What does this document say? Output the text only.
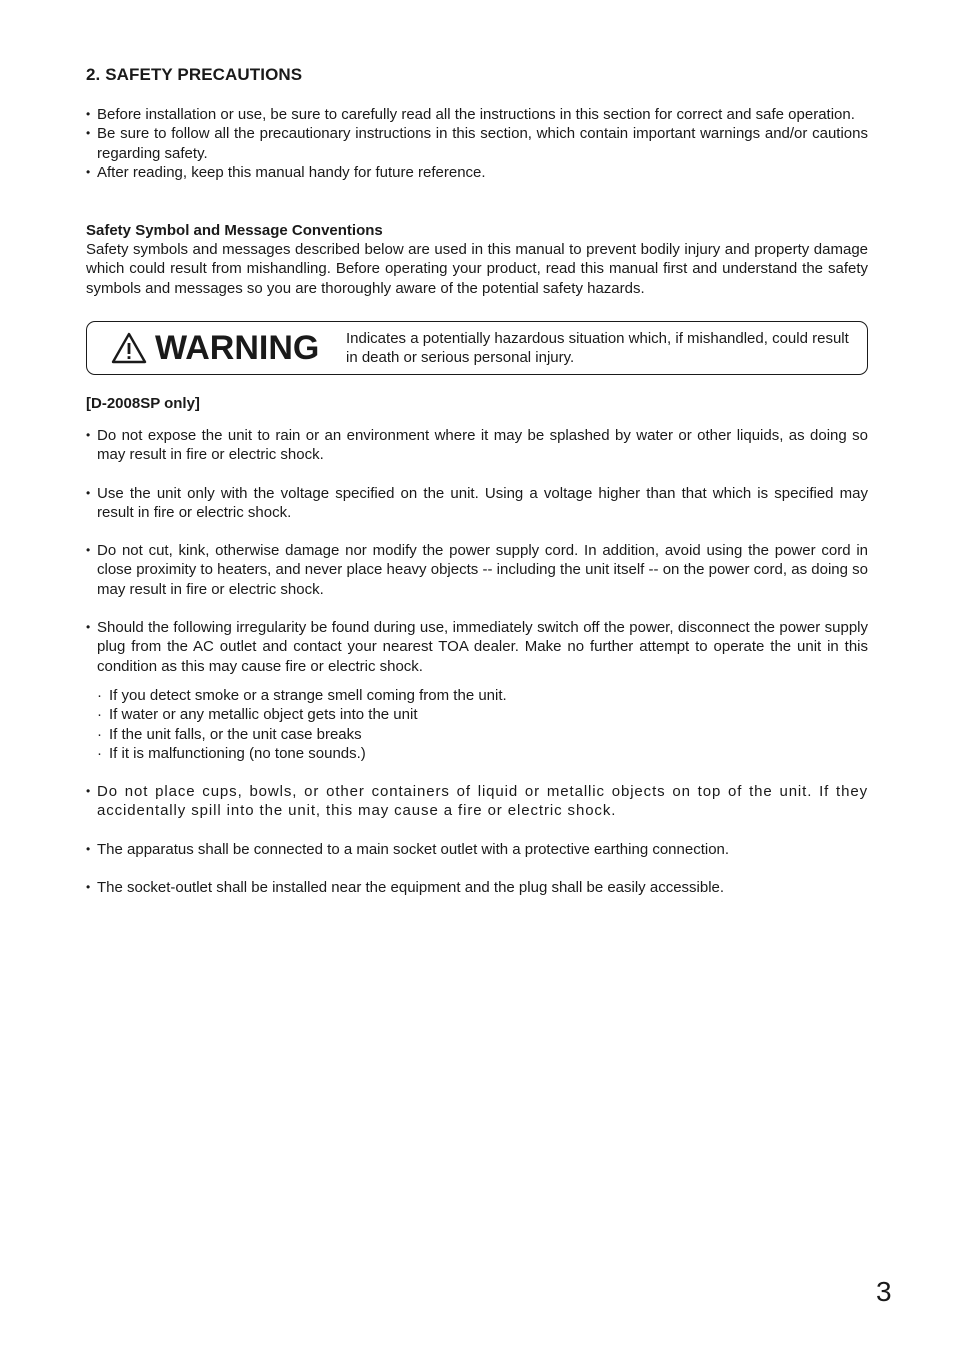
2. SAFETY PRECAUTIONS
• Before installation or use, be sure to carefully read all the instructions in this section for correct and safe operation.
• Be sure to follow all the precautionary instructions in this section, which contain important warnings and/or cautions regarding safety.
• After reading, keep this manual handy for future reference.
Safety Symbol and Message Conventions
Safety symbols and messages described below are used in this manual to prevent bodily injury and property damage which could result from mishandling. Before operating your product, read this manual first and understand the safety symbols and messages so you are thoroughly aware of the potential safety hazards.
WARNING Indicates a potentially hazardous situation which, if mishandled, could result in death or serious personal injury.
[D-2008SP only]
• Do not expose the unit to rain or an environment where it may be splashed by water or other liquids, as doing so may result in fire or electric shock.
• Use the unit only with the voltage specified on the unit. Using a voltage higher than that which is specified may result in fire or electric shock.
• Do not cut, kink, otherwise damage nor modify the power supply cord. In addition, avoid using the power cord in close proximity to heaters, and never place heavy objects -- including the unit itself -- on the power cord, as doing so may result in fire or electric shock.
• Should the following irregularity be found during use, immediately switch off the power, disconnect the power supply plug from the AC outlet and contact your nearest TOA dealer. Make no further attempt to operate the unit in this condition as this may cause fire or electric shock.
· If you detect smoke or a strange smell coming from the unit.
· If water or any metallic object gets into the unit
· If the unit falls, or the unit case breaks
· If it is malfunctioning (no tone sounds.)
• Do not place cups, bowls, or other containers of liquid or metallic objects on top of the unit. If they accidentally spill into the unit, this may cause a fire or electric shock.
• The apparatus shall be connected to a main socket outlet with a protective earthing connection.
• The socket-outlet shall be installed near the equipment and the plug shall be easily accessible.
3
